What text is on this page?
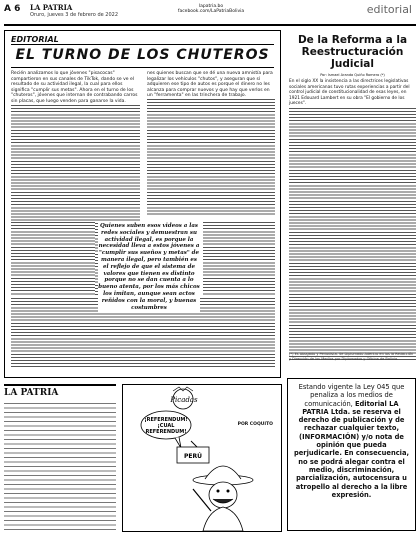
A 6 LA PATRIA
Oruro, jueves 3 de febrero de 2022
lapatria.bo
facebook.com/LaPatriaBolivia	editorial
EDITORIAL
EL TURNO DE LOS CHUTEROS
Recién analizamos lo que jóvenes "pisacocas" compartieron en sus canales de TikTok, dando se ve el resultado de su actividad ilegal, la cual para ellos significa "cumplir sus metas". Ahora en el turno de los "chuteros", jóvenes que internan de contrabando carros sin placas, que luego venden para ganarse la vida.
nes quienes buscan que se dé una nueva amnistía para legalizar los vehículos "chutos", y aseguran que sí adquieren ese tipo de autos es porque el dinero no les alcanza para comprar nuevos y que hay que verlos en un "ferramenta" en las trinchera de trabajo.
Quienes suben esos videos a las redes sociales y demuestran su actividad ilegal, es porque la necesidad lleva a estos jóvenes a "cumplir sus sueños y metas" de manera ilegal, pero también es el reflejo de que el sistema de valores que tienen es distinto porque no se dan cuenta a lo bueno atenta, por los más chicos los imitan, aunque sean actos reñidos con la moral, y buenas costumbres
De la Reforma a la Reestructuración Judicial
Por: Ismael Aranda Quiño Romero (*)
En el siglo XX la insistencia a las directrices legislativas sociales americanas tuvo rutas experiencias a partir del control judicial de constitucionalidad de esas leyes, en 1921 Edouard Lambert en su obra "El gobierno de los jueces".
(*) Es Abogado y Periodista. Se Diplomado Adentro en los la Redacción y Dirección de los Medios por Diplomados y Oficina de Bolivia.
LA PATRIA
Picadas
¡REFERENDUM!
¡CUAL
REFERENDUM!
PERÚ
POR COQUITO
Estando vigente la Ley 045 que penaliza a los medios de comunicación, Editorial LA PATRIA Ltda. se reserva el derecho de publicación y de rechazar cualquier texto, (INFORMACIÓN) y/o nota de opinión que pueda perjudicarle. En consecuencia, no se podrá alegar contra el medio, discriminación, parcialización, autocensura u atropello al derecho a la libre expresión.
